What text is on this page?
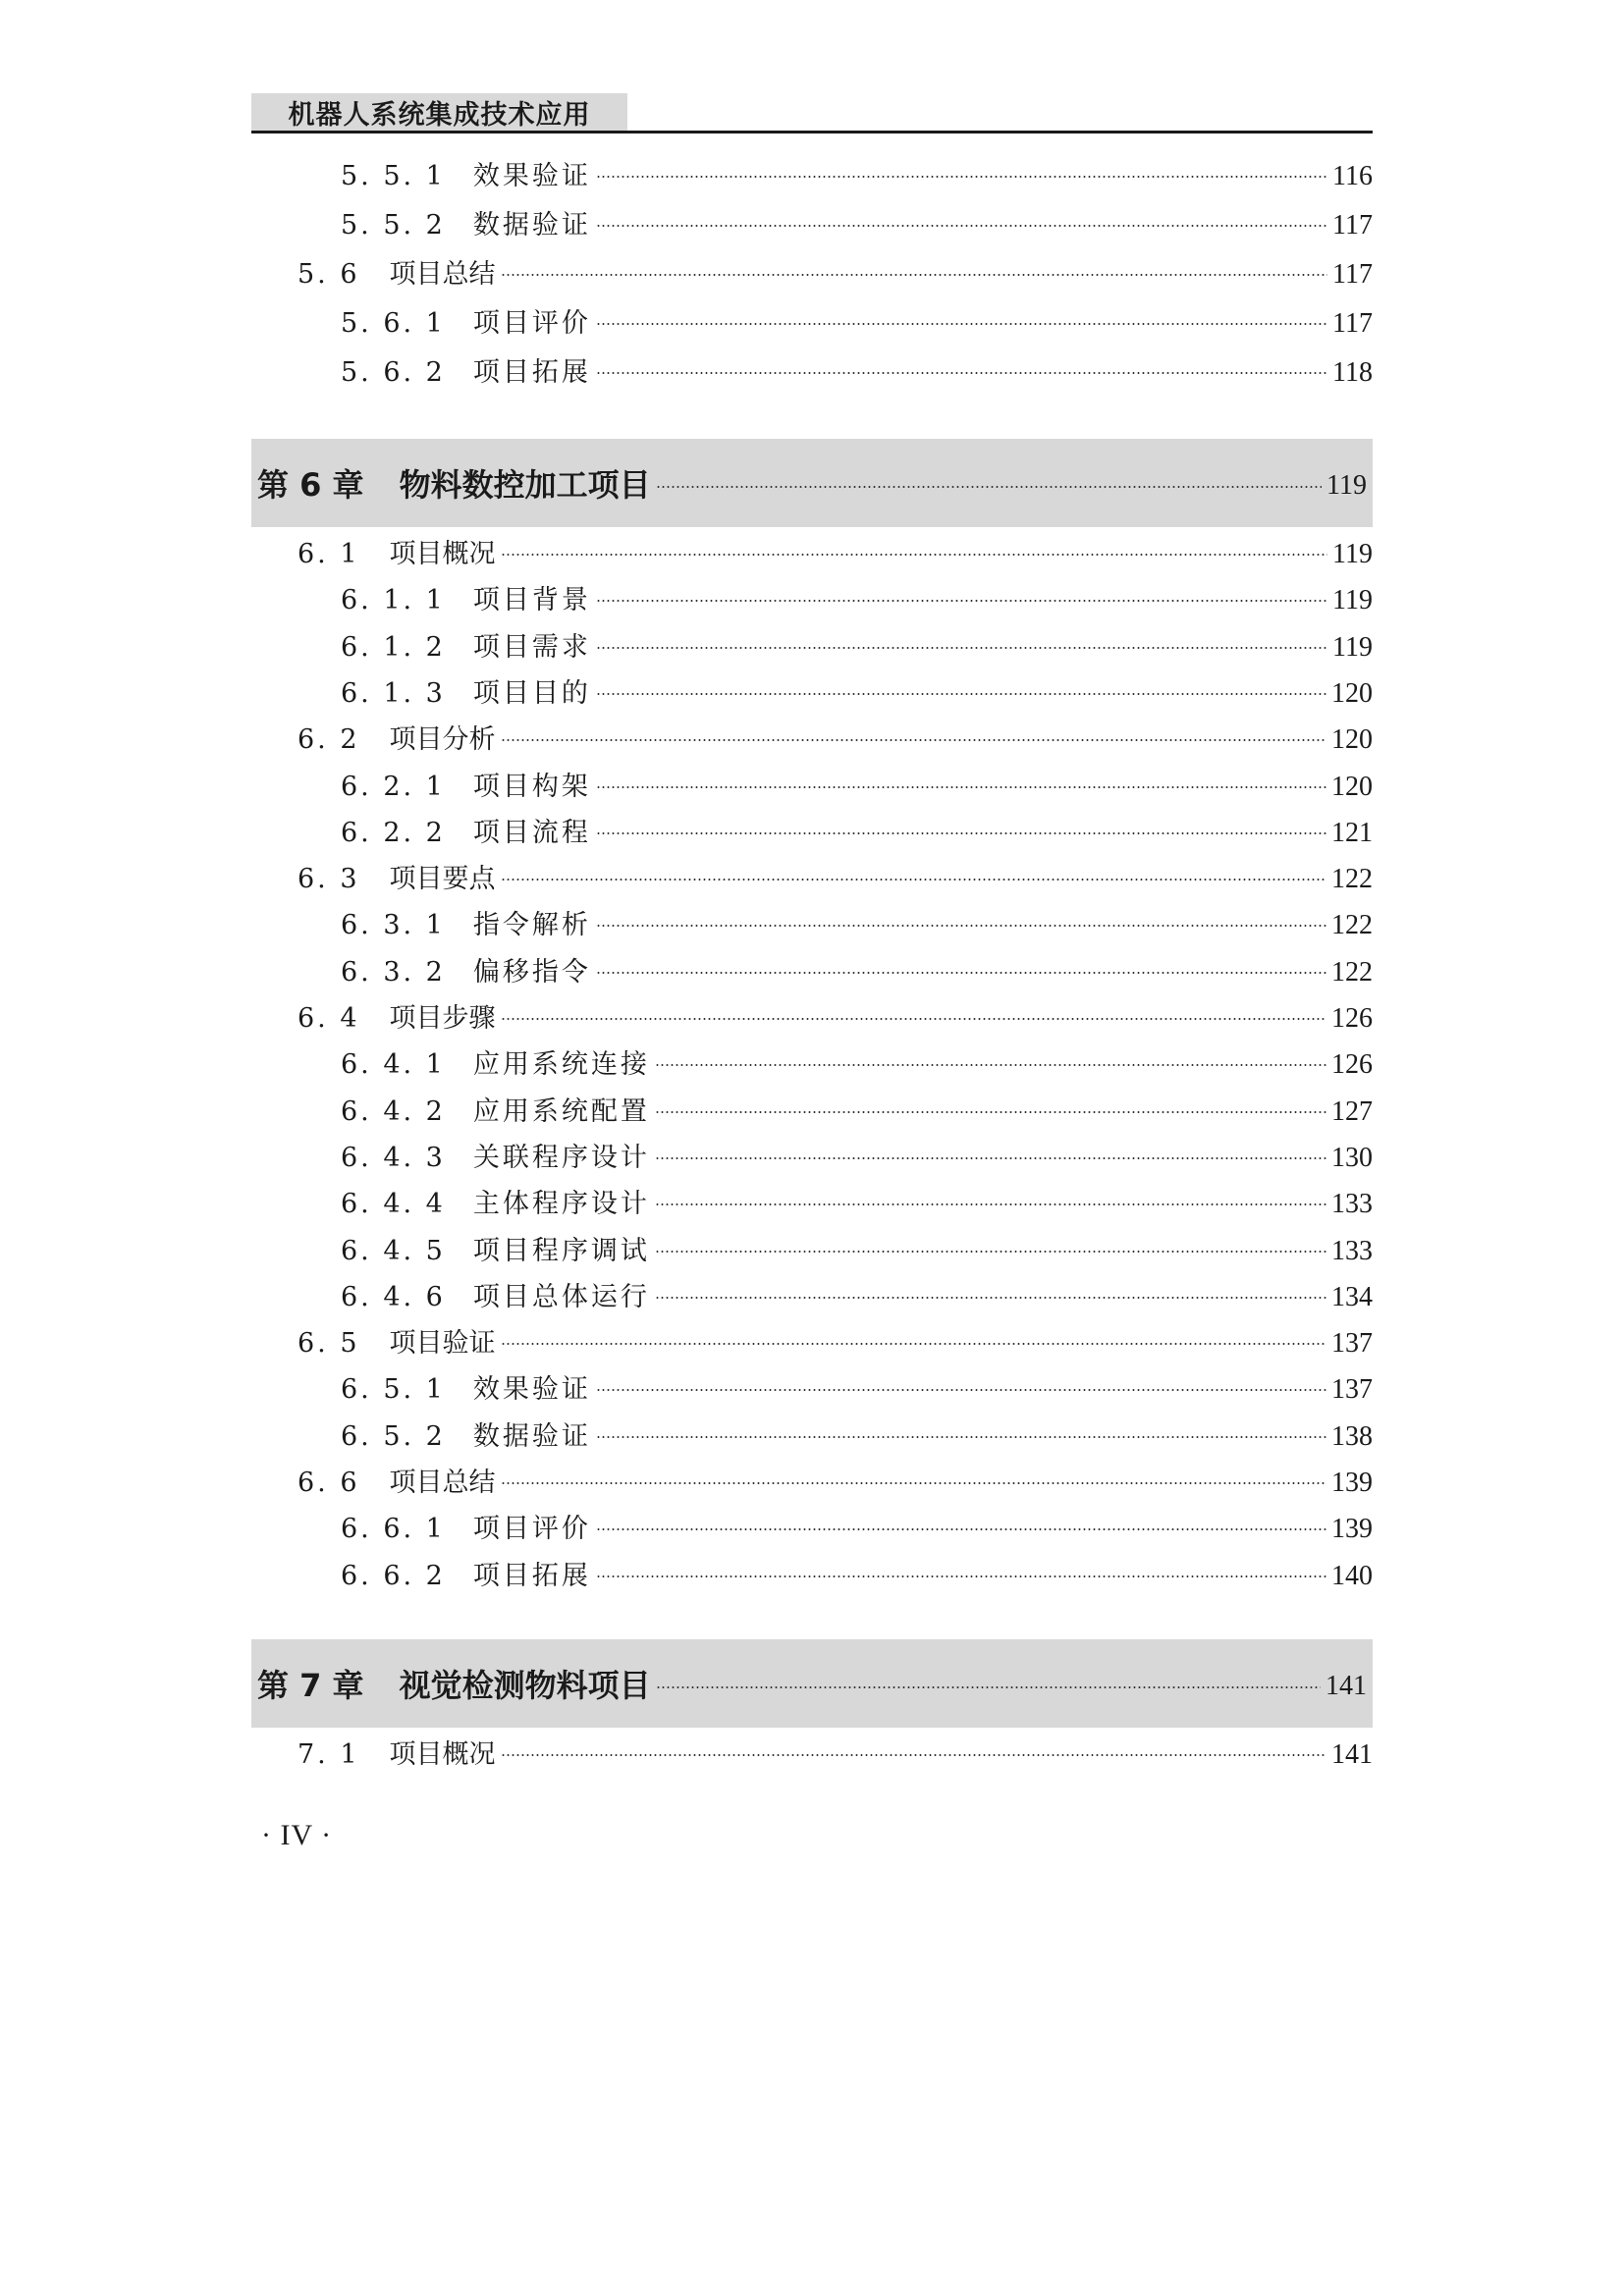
机器人系统集成技术应用
5. 5. 1 效果验证	116
5. 5. 2 数据验证	117
5. 6 项目总结	117
5. 6. 1 项目评价	117
5. 6. 2 项目拓展	118
第 6 章 物料数控加工项目	119
6. 1 项目概况	119
6. 1. 1 项目背景	119
6. 1. 2 项目需求	119
6. 1. 3 项目目的	120
6. 2 项目分析	120
6. 2. 1 项目构架	120
6. 2. 2 项目流程	121
6. 3 项目要点	122
6. 3. 1 指令解析	122
6. 3. 2 偏移指令	122
6. 4 项目步骤	126
6. 4. 1 应用系统连接	126
6. 4. 2 应用系统配置	127
6. 4. 3 关联程序设计	130
6. 4. 4 主体程序设计	133
6. 4. 5 项目程序调试	133
6. 4. 6 项目总体运行	134
6. 5 项目验证	137
6. 5. 1 效果验证	137
6. 5. 2 数据验证	138
6. 6 项目总结	139
6. 6. 1 项目评价	139
6. 6. 2 项目拓展	140
第 7 章 视觉检测物料项目	141
7. 1 项目概况	141
· IV ·
